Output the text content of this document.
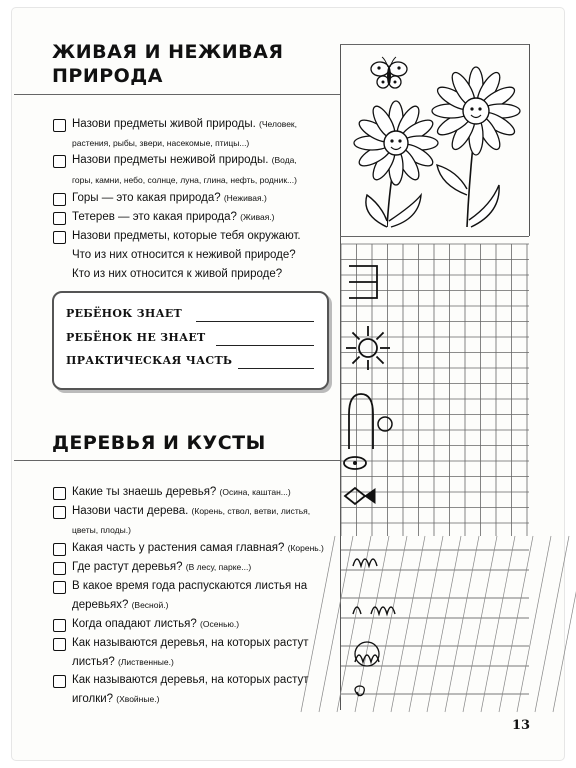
ЖИВАЯ И НЕЖИВАЯ
ПРИРОДА
Назови предметы живой природы. (Человек,
растения, рыбы, звери, насекомые, птицы...)
Назови предметы неживой природы. (Вода,
горы, камни, небо, солнце, луна, глина, нефть, родник...)
Горы — это какая природа? (Неживая.)
Тетерев — это какая природа? (Живая.)
Назови предметы, которые тебя окружают.
Что из них относится к неживой природе?
Кто из них относится к живой природе?
РЕБЁНОК ЗНАЕТ
РЕБЁНОК НЕ ЗНАЕТ
ПРАКТИЧЕСКАЯ ЧАСТЬ
ДЕРЕВЬЯ И КУСТЫ
Какие ты знаешь деревья? (Осина, каштан...)
Назови части дерева. (Корень, ствол, ветви, листья,
цветы, плоды.)
Какая часть у растения самая главная? (Корень.)
Где растут деревья? (В лесу, парке...)
В какое время года распускаются листья на
деревьях? (Весной.)
Когда опадают листья? (Осенью.)
Как называются деревья, на которых растут
листья? (Лиственные.)
Как называются деревья, на которых растут
иголки? (Хвойные.)
13
